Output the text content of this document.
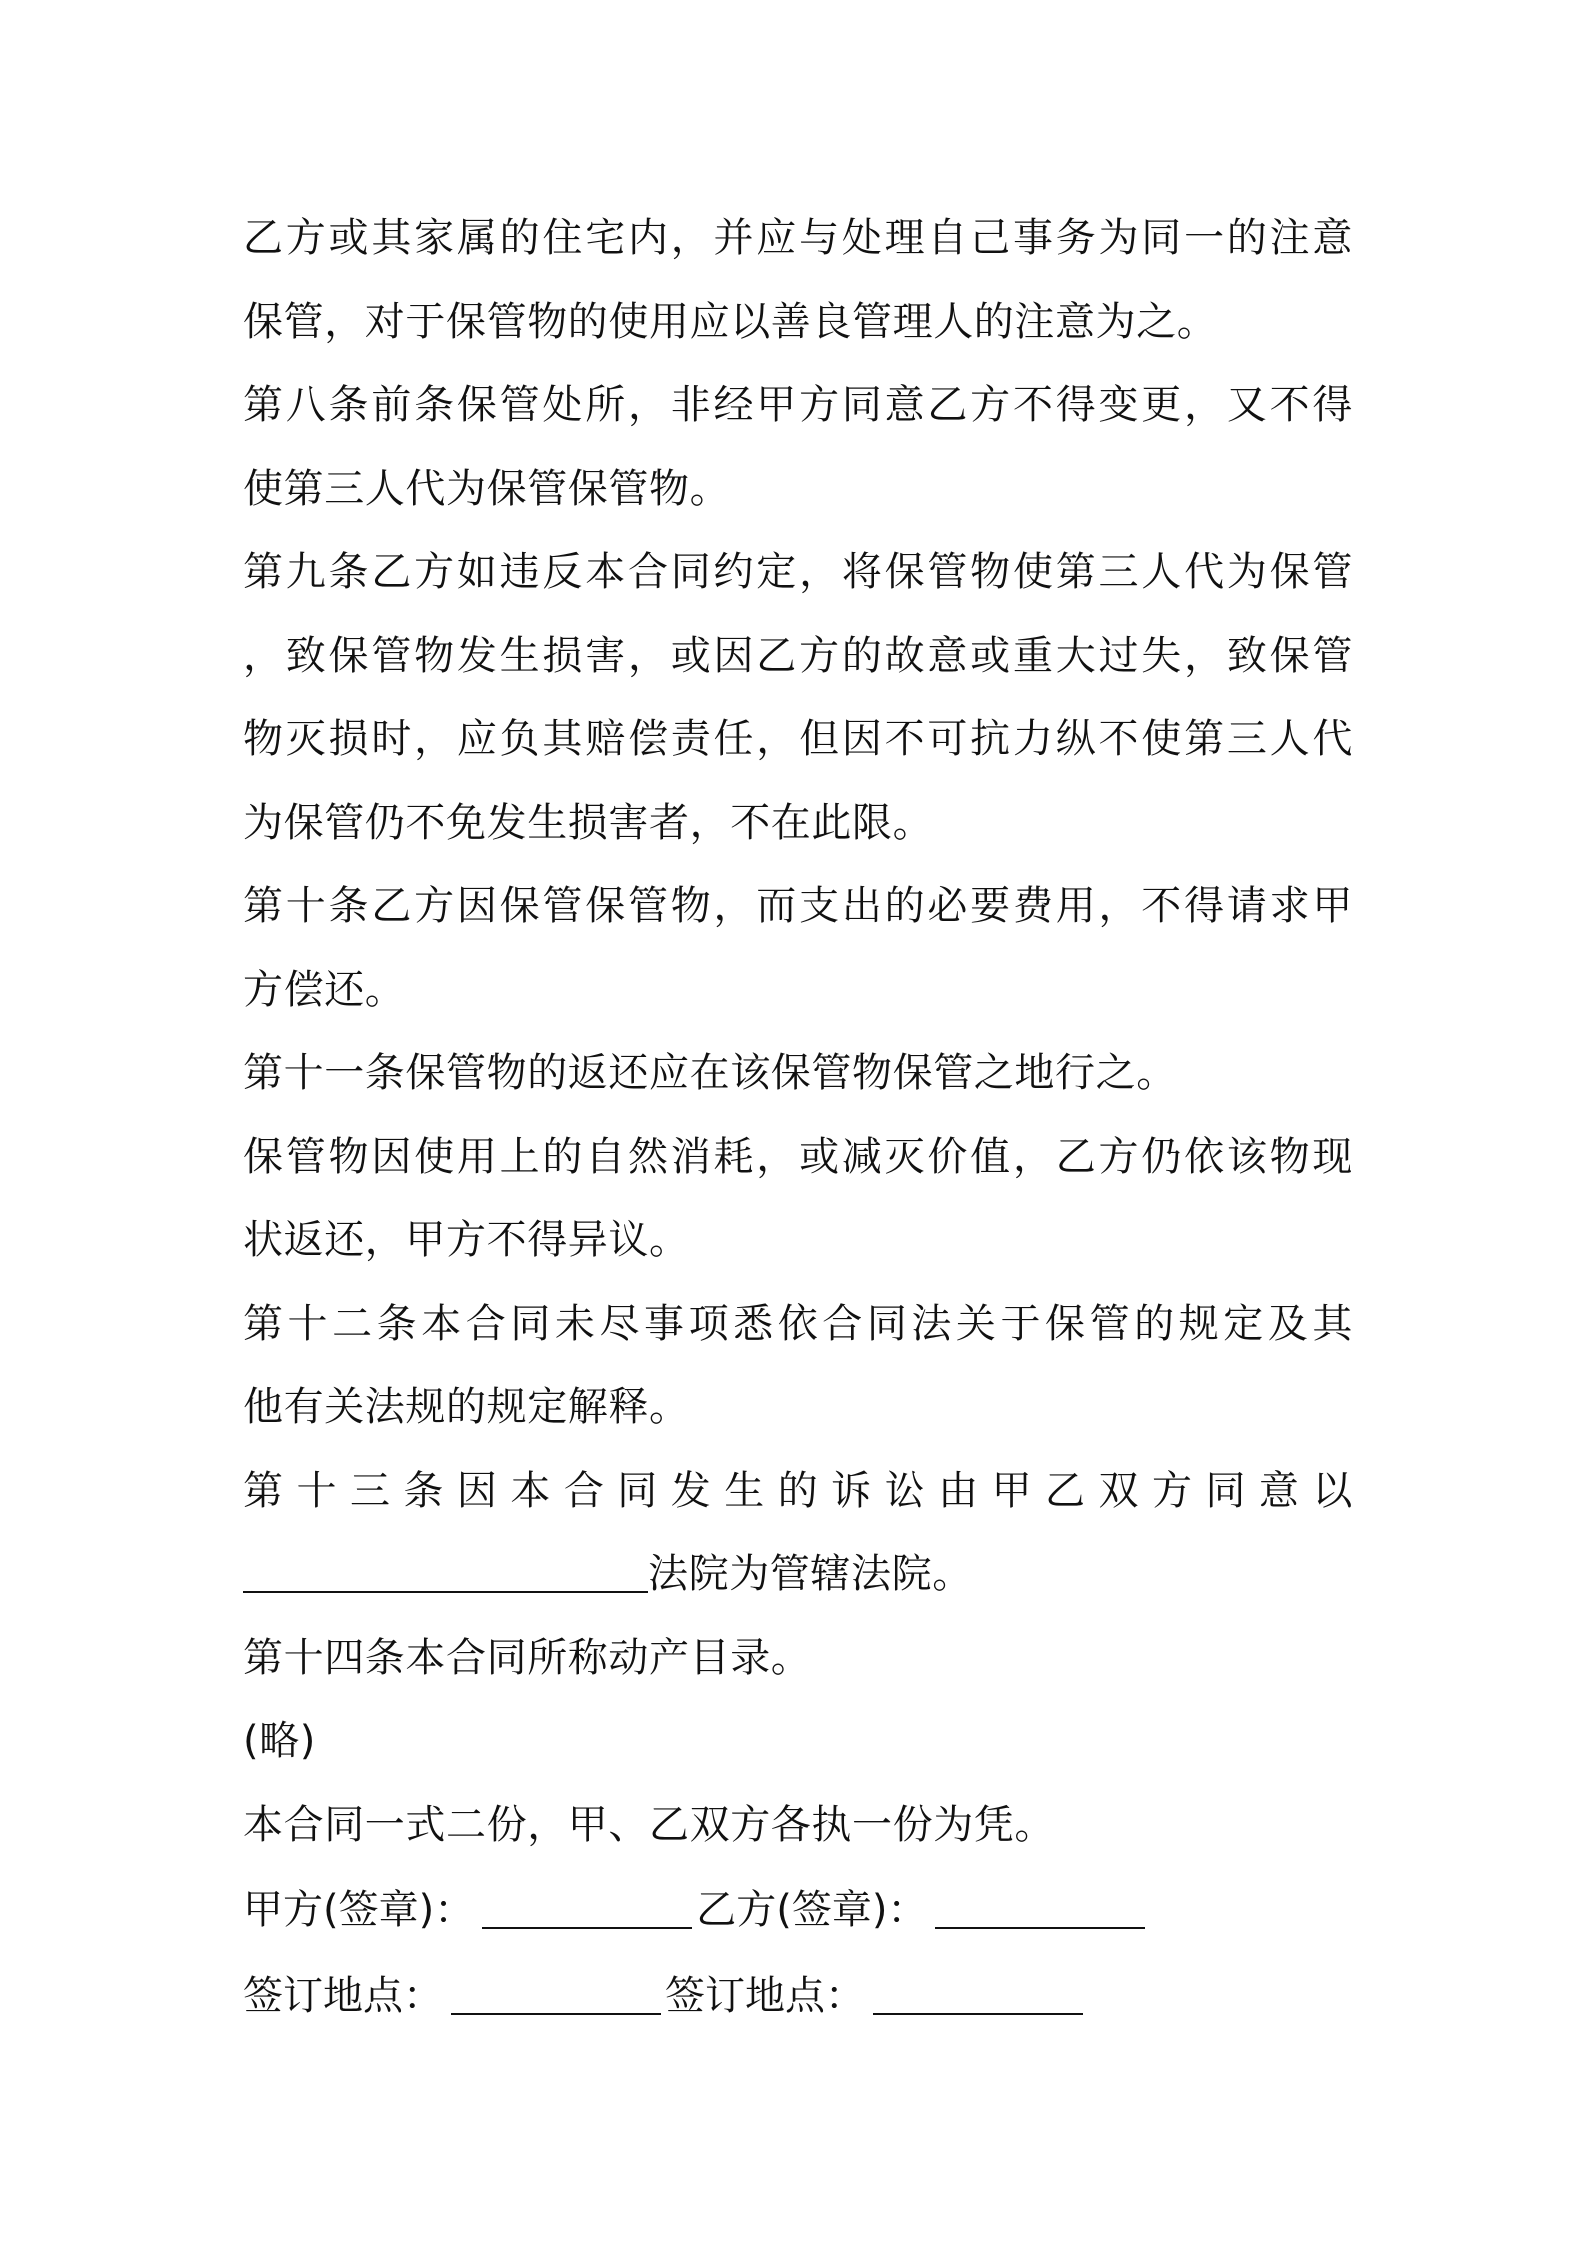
乙方或其家属的住宅内，并应与处理自己事务为同一的注意
保管，对于保管物的使用应以善良管理人的注意为之。
第八条前条保管处所，非经甲方同意乙方不得变更，又不得
使第三人代为保管保管物。
第九条乙方如违反本合同约定，将保管物使第三人代为保管
，致保管物发生损害，或因乙方的故意或重大过失，致保管
物灭损时，应负其赔偿责任，但因不可抗力纵不使第三人代
为保管仍不免发生损害者，不在此限。
第十条乙方因保管保管物，而支出的必要费用，不得请求甲
方偿还。
第十一条保管物的返还应在该保管物保管之地行之。
保管物因使用上的自然消耗，或减灭价值，乙方仍依该物现
状返还，甲方不得异议。
第十二条本合同未尽事项悉依合同法关于保管的规定及其
他有关法规的规定解释。
第十三条因本合同发生的诉讼由甲乙双方同意以
法院为管辖法院。
第十四条本合同所称动产目录。
(略)
本合同一式二份，甲、乙双方各执一份为凭。
甲方(签章)：	乙方(签章)：
签订地点：	签订地点：
